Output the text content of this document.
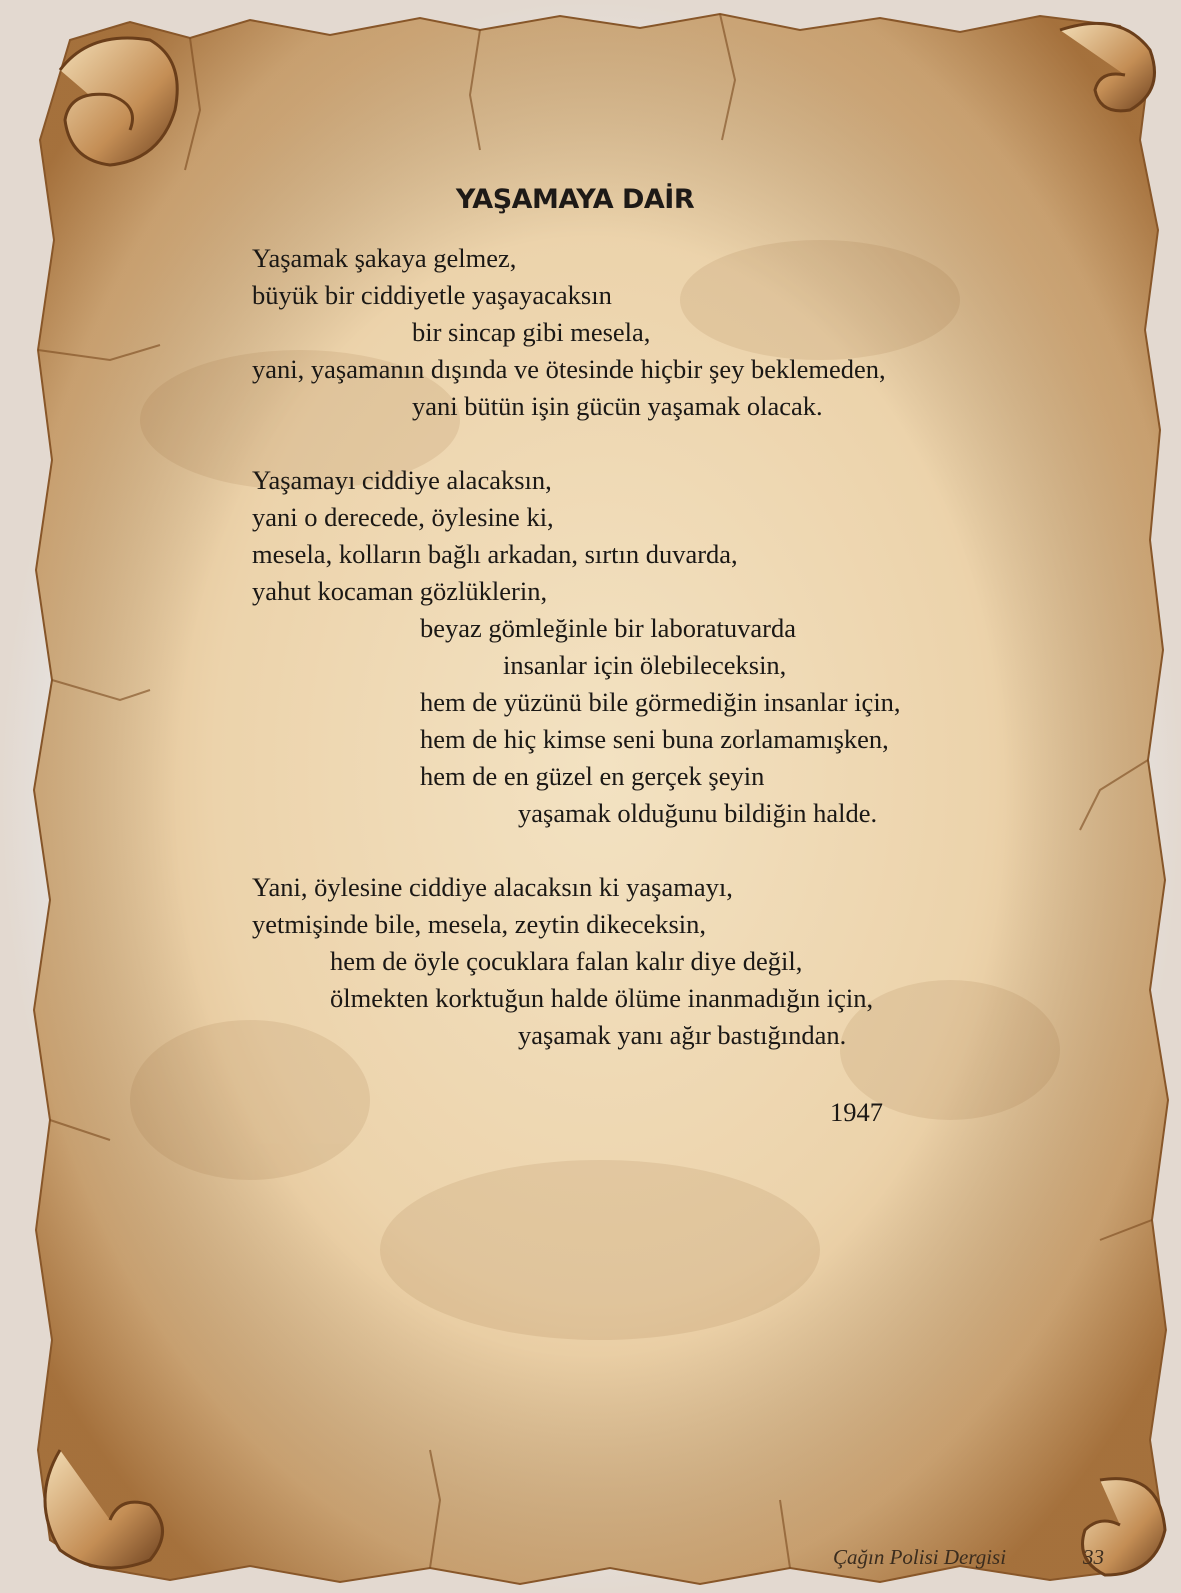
YAŞAMAYA DAİR
Yaşamak şakaya gelmez,
büyük bir ciddiyetle yaşayacaksın
bir sincap gibi mesela,
yani, yaşamanın dışında ve ötesinde hiçbir şey beklemeden,
yani bütün işin gücün yaşamak olacak.
Yaşamayı ciddiye alacaksın,
yani o derecede, öylesine ki,
mesela, kolların bağlı arkadan, sırtın duvarda,
yahut kocaman gözlüklerin,
beyaz gömleğinle bir laboratuvarda
insanlar için ölebileceksin,
hem de yüzünü bile görmediğin insanlar için,
hem de hiç kimse seni buna zorlamamışken,
hem de en güzel en gerçek şeyin
yaşamak olduğunu bildiğin halde.
Yani, öylesine ciddiye alacaksın ki yaşamayı,
yetmişinde bile, mesela, zeytin dikeceksin,
hem de öyle çocuklara falan kalır diye değil,
ölmekten korktuğun halde ölüme inanmadığın için,
yaşamak yanı ağır bastığından.
1947
Çağın Polisi Dergisi	33
